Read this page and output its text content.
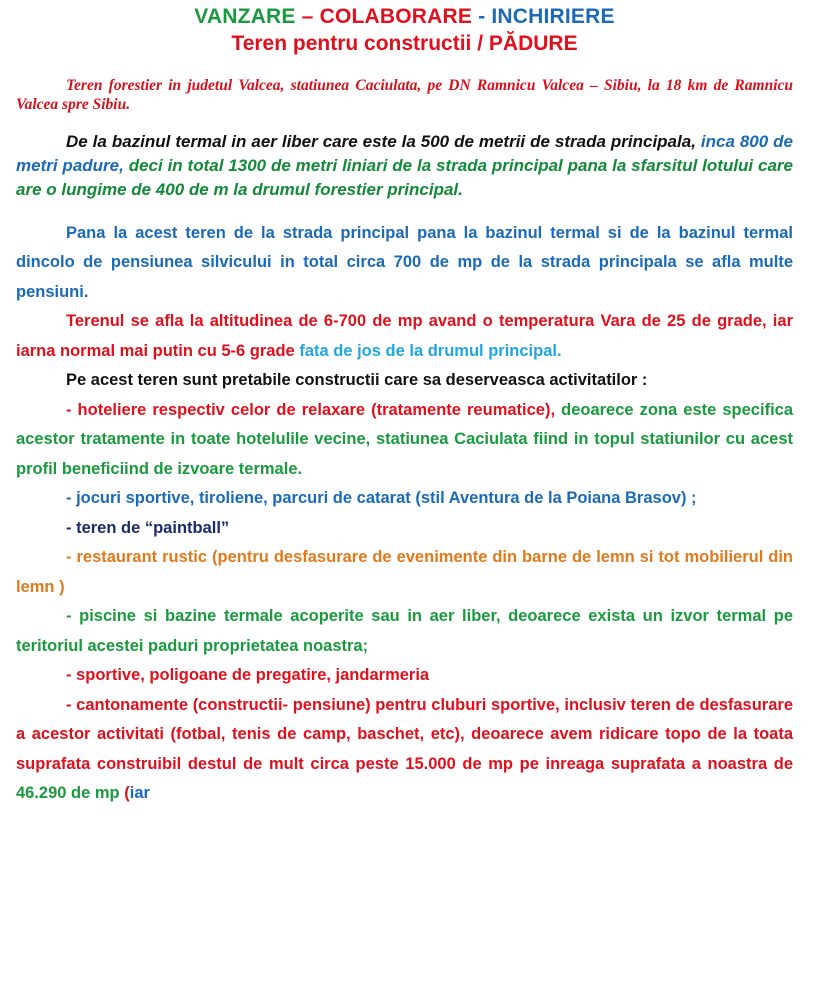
VANZARE – COLABORARE - INCHIRIERE
Teren pentru constructii / PĂDURE

Teren forestier in judetul Valcea, statiunea Caciulata, pe DN Ramnicu Valcea – Sibiu, la 18 km de Ramnicu Valcea spre Sibiu.

De la bazinul termal in aer liber care este la 500 de metrii de strada principala, inca 800 de metri padure, deci in total 1300 de metri liniari de la strada principal pana la sfarsitul lotului care are o lungime de 400 de m la drumul forestier principal.

Pana la acest teren de la strada principal pana la bazinul termal si de la bazinul termal dincolo de pensiunea silvicului in total circa 700 de mp de la strada principala se afla multe pensiuni.

Terenul se afla la altitudinea de 6-700 de mp avand o temperatura Vara de 25 de grade, iar iarna normal mai putin cu 5-6 grade fata de jos de la drumul principal.

Pe acest teren sunt pretabile constructii care sa deserveasca activitatilor :

- hoteliere respectiv celor de relaxare (tratamente reumatice), deoarece zona este specifica acestor tratamente in toate hotelulile vecine, statiunea Caciulata fiind in topul statiunilor cu acest profil beneficiind de izvoare termale.

- jocuri sportive, tiroliene, parcuri de catarat (stil Aventura de la Poiana Brasov) ;

- teren de “paintball”

- restaurant rustic (pentru desfasurare de evenimente din barne de lemn si tot mobilierul din lemn )

- piscine si bazine termale acoperite sau in aer liber, deoarece exista un izvor termal pe teritoriul acestei paduri proprietatea noastra;

- sportive, poligoane de pregatire, jandarmeria

- cantonamente (constructii- pensiune) pentru cluburi sportive, inclusiv teren de desfasurare a acestor activitati (fotbal, tenis de camp, baschet, etc), deoarece avem ridicare topo de la toata suprafata construibil destul de mult circa peste 15.000 de mp pe inreaga suprafata a noastra de 46.290 de mp (iar
